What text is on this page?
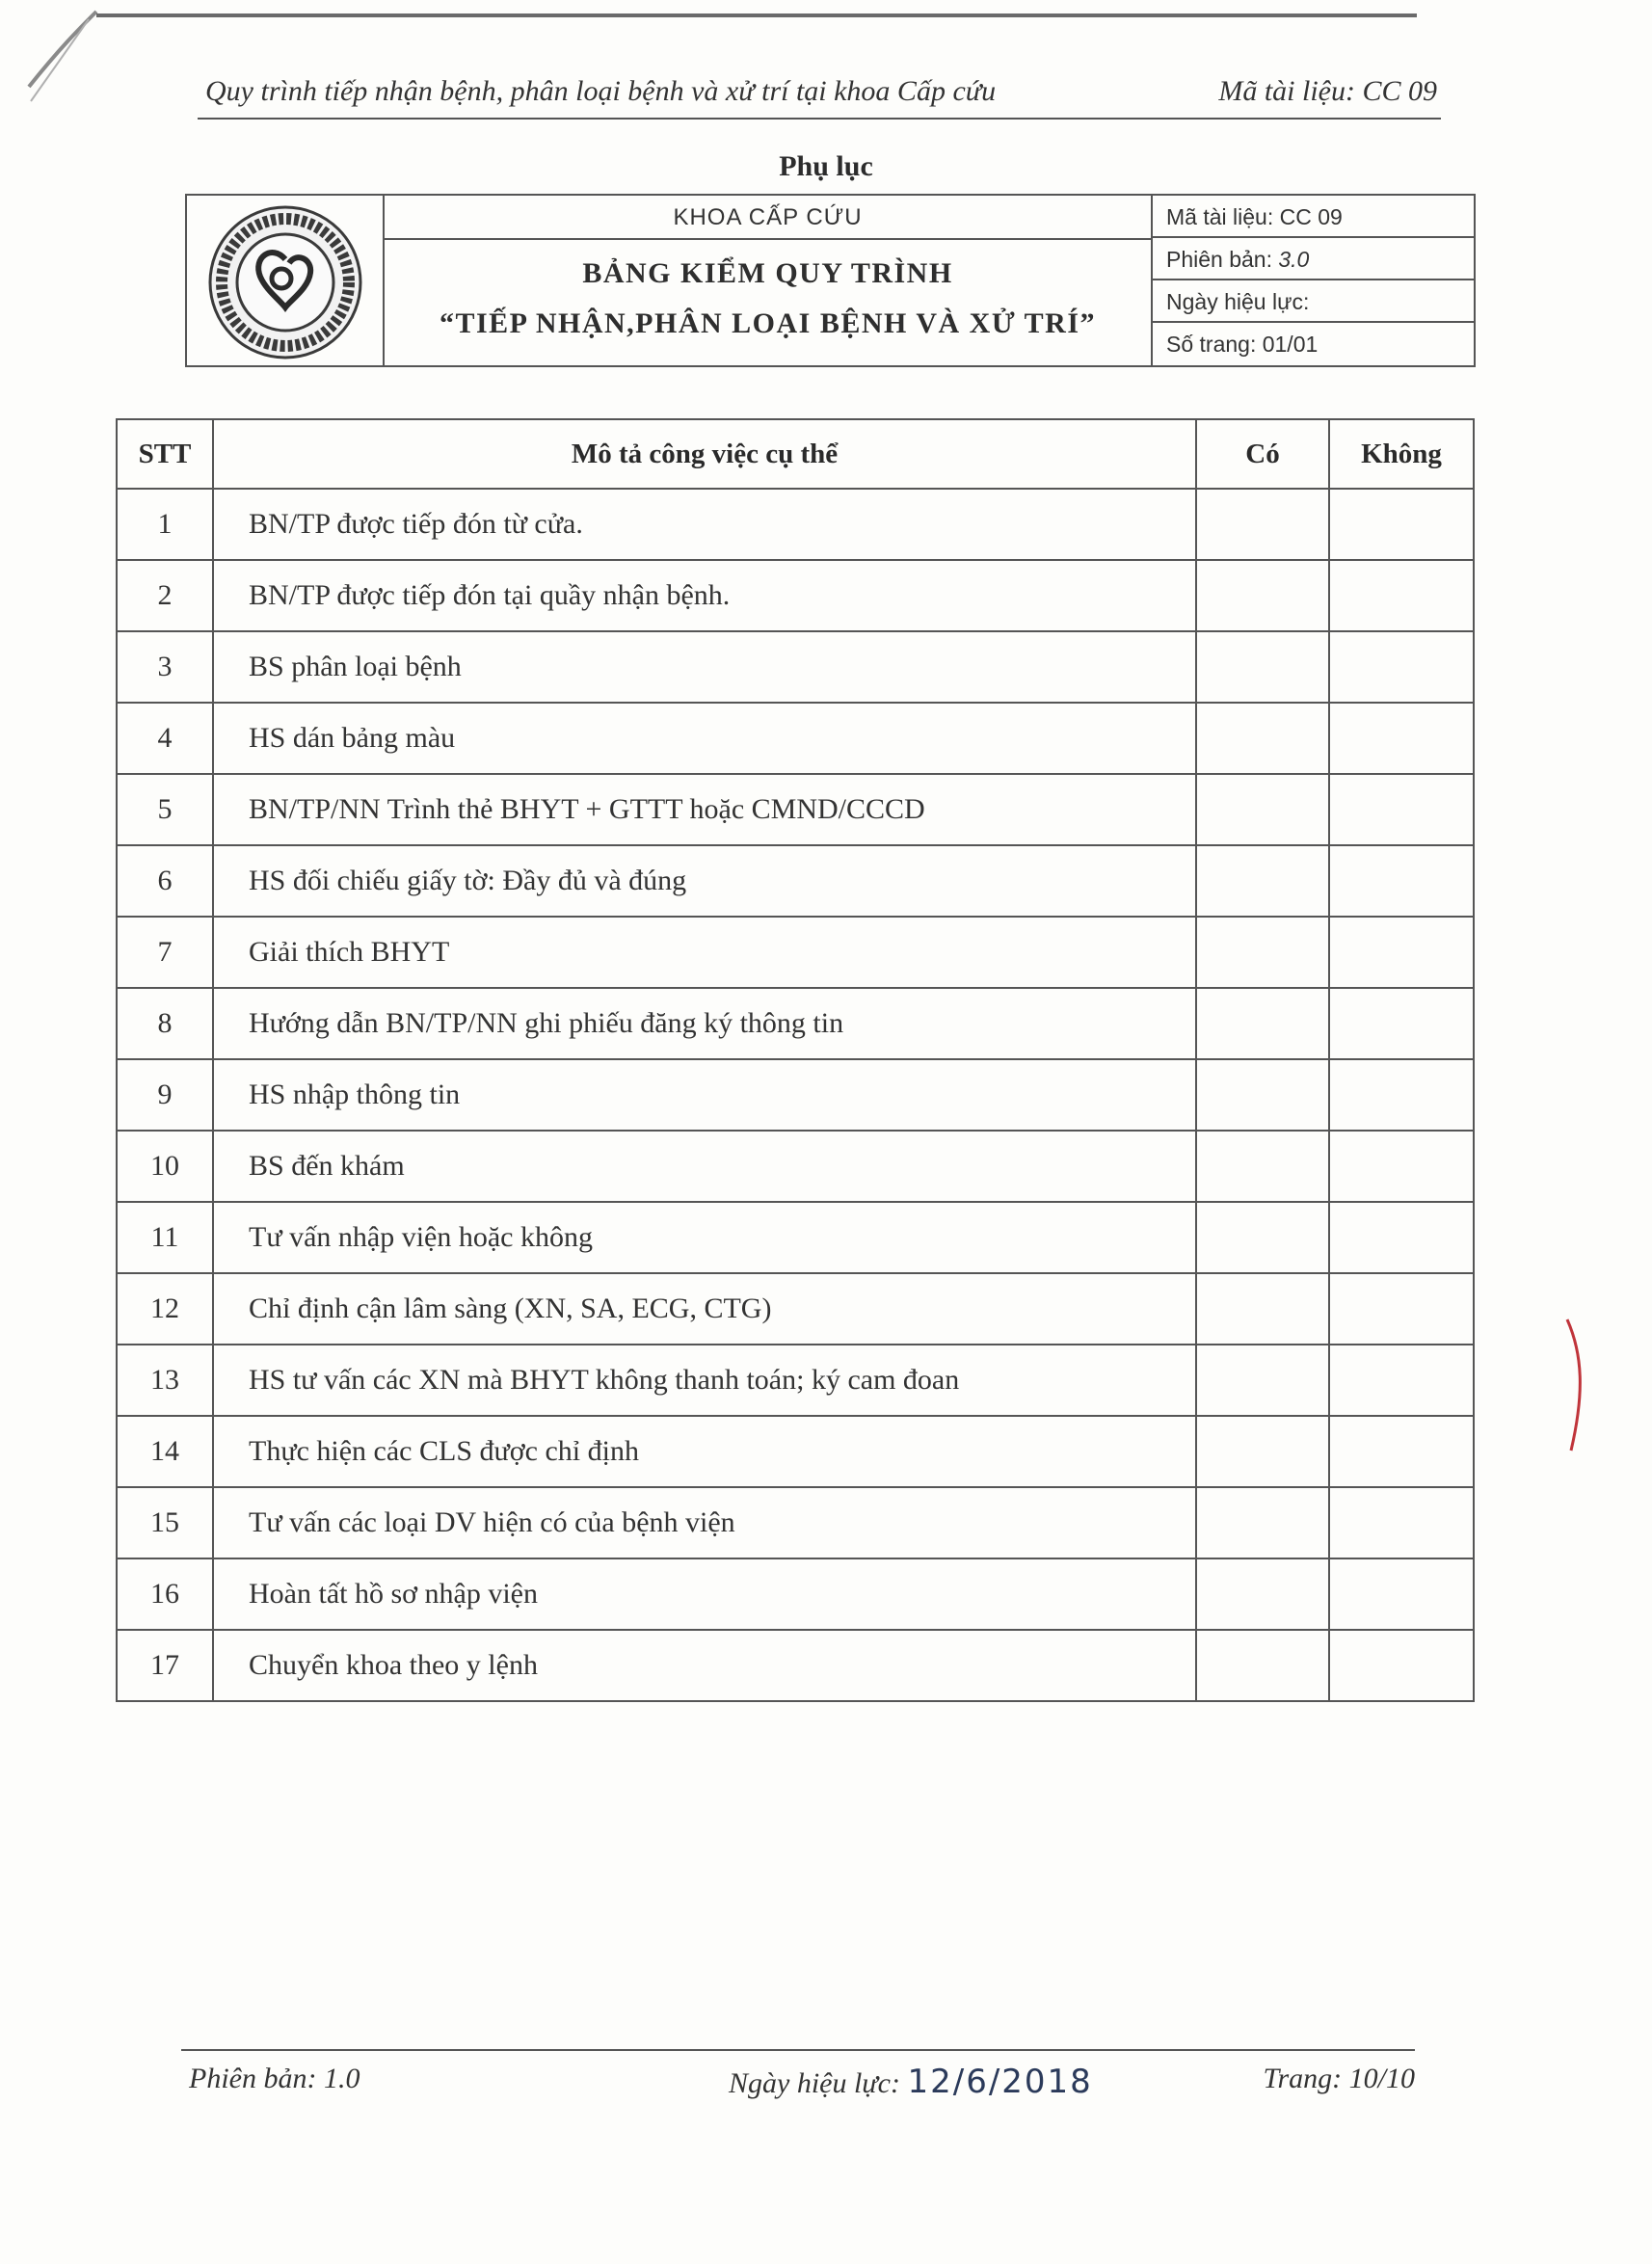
Quy trình tiếp nhận bệnh, phân loại bệnh và xử trí tại khoa Cấp cứu	Mã tài liệu: CC 09
Phụ lục
KHOA CẤP CỨU
BẢNG KIỂM QUY TRÌNH
“TIẾP NHẬN,PHÂN LOẠI BỆNH VÀ XỬ TRÍ”
Mã tài liệu: CC 09
Phiên bản: 3.0
Ngày hiệu lực:
Số trang: 01/01
STT	Mô tả công việc cụ thể	Có	Không
1	BN/TP được tiếp đón từ cửa.		
2	BN/TP được tiếp đón tại quầy nhận bệnh.		
3	BS phân loại bệnh		
4	HS dán bảng màu		
5	BN/TP/NN Trình thẻ BHYT + GTTT hoặc CMND/CCCD		
6	HS đối chiếu giấy tờ: Đầy đủ và đúng		
7	Giải thích BHYT		
8	Hướng dẫn BN/TP/NN ghi phiếu đăng ký thông tin		
9	HS nhập thông tin		
10	BS đến khám		
11	Tư vấn nhập viện hoặc không		
12	Chỉ định cận lâm sàng (XN, SA, ECG, CTG)		
13	HS tư vấn các XN mà BHYT không thanh toán; ký cam đoan		
14	Thực hiện các CLS được chỉ định		
15	Tư vấn các loại DV hiện có của bệnh viện		
16	Hoàn tất hồ sơ nhập viện		
17	Chuyển khoa theo y lệnh		
Phiên bản: 1.0	Ngày hiệu lực: 12/6/2018	Trang: 10/10
